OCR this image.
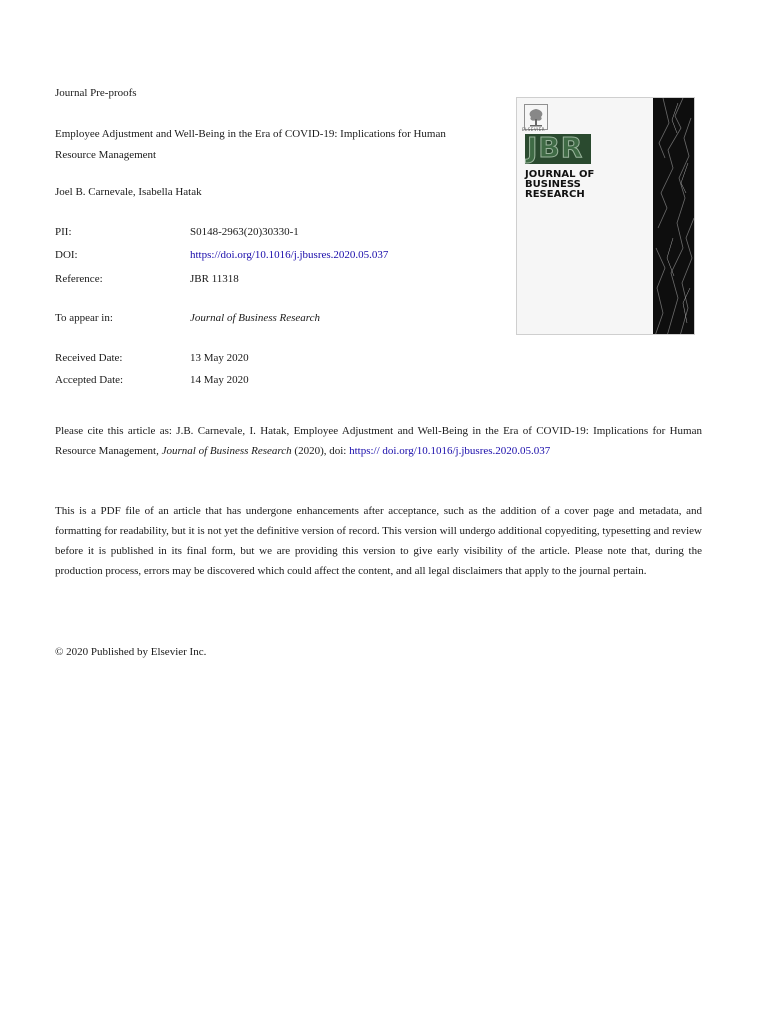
Journal Pre-proofs
Employee Adjustment and Well-Being in the Era of COVID-19: Implications for Human
Resource Management
Joel B. Carnevale, Isabella Hatak
PII:	S0148-2963(20)30330-1
DOI:	https://doi.org/10.1016/j.jbusres.2020.05.037
Reference:	JBR 11318
To appear in:	Journal of Business Research
Received Date:	13 May 2020
Accepted Date:	14 May 2020
ELSEVIER
JBR
JOURNAL OF
BUSINESS
RESEARCH
Please cite this article as: J.B. Carnevale, I. Hatak, Employee Adjustment and Well-Being in the Era of COVID-19: Implications for Human Resource Management, Journal of Business Research (2020), doi: https:// doi.org/10.1016/j.jbusres.2020.05.037
This is a PDF file of an article that has undergone enhancements after acceptance, such as the addition of a cover page and metadata, and formatting for readability, but it is not yet the definitive version of record. This version will undergo additional copyediting, typesetting and review before it is published in its final form, but we are providing this version to give early visibility of the article. Please note that, during the production process, errors may be discovered which could affect the content, and all legal disclaimers that apply to the journal pertain.
© 2020 Published by Elsevier Inc.
